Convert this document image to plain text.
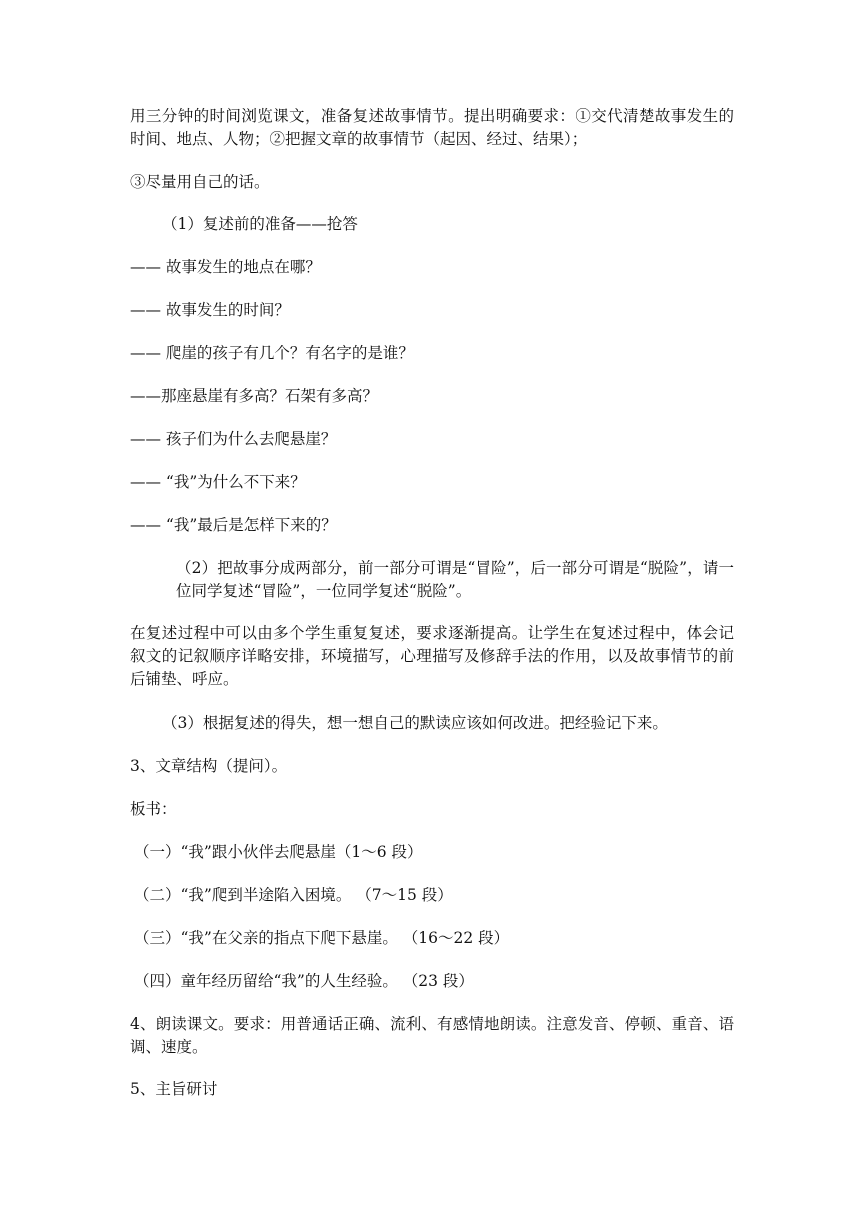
用三分钟的时间浏览课文，准备复述故事情节。提出明确要求：①交代清楚故事发生的时间、地点、人物；②把握文章的故事情节（起因、经过、结果）；

③尽量用自己的话。

（1）复述前的准备——抢答

—— 故事发生的地点在哪？

—— 故事发生的时间？

—— 爬崖的孩子有几个？有名字的是谁？

——那座悬崖有多高？石架有多高？

—— 孩子们为什么去爬悬崖？

—— “我”为什么不下来？

—— “我”最后是怎样下来的？

（2）把故事分成两部分，前一部分可谓是“冒险”，后一部分可谓是“脱险”，请一位同学复述“冒险”，一位同学复述“脱险”。

在复述过程中可以由多个学生重复复述，要求逐渐提高。让学生在复述过程中，体会记叙文的记叙顺序详略安排，环境描写，心理描写及修辞手法的作用，以及故事情节的前后铺垫、呼应。

（3）根据复述的得失，想一想自己的默读应该如何改进。把经验记下来。

3、文章结构（提问）。

板书：

（一）“我”跟小伙伴去爬悬崖（1～6 段）

（二）“我”爬到半途陷入困境。 （7～15 段）

（三）“我”在父亲的指点下爬下悬崖。 （16～22 段）

（四）童年经历留给“我”的人生经验。 （23 段）

4、朗读课文。要求：用普通话正确、流利、有感情地朗读。注意发音、停顿、重音、语调、速度。

5、主旨研讨
